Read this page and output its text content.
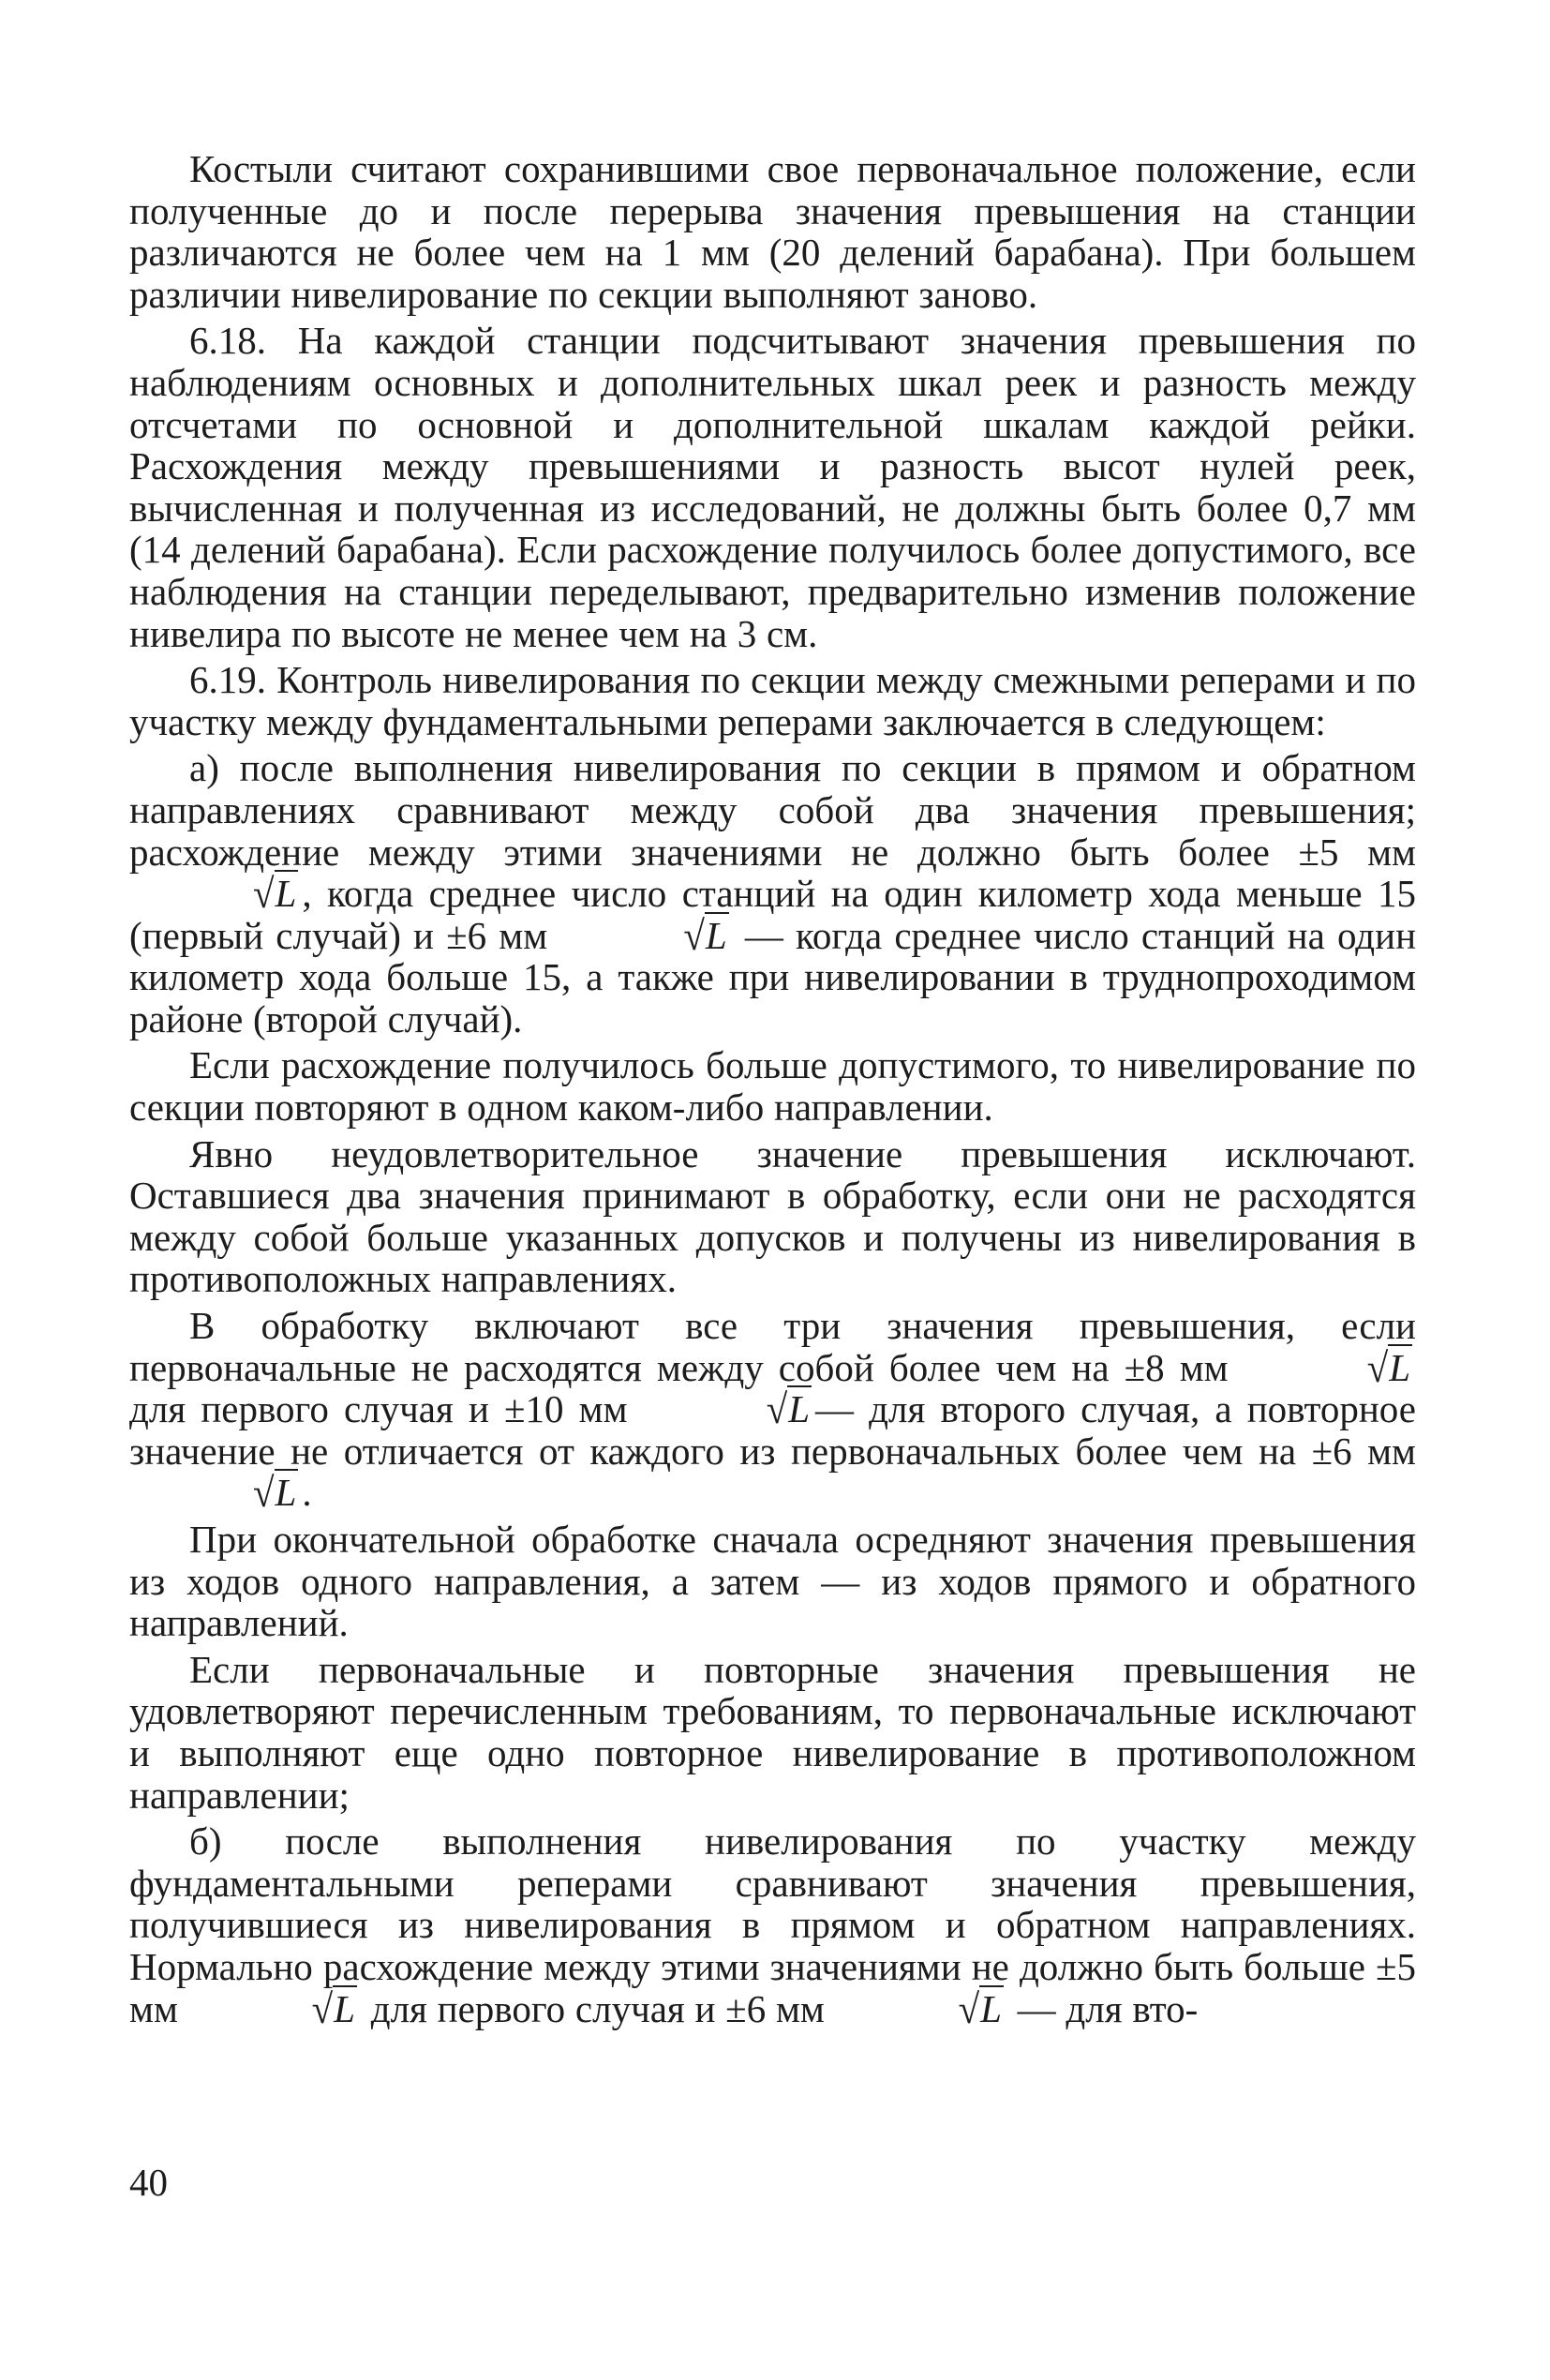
Костыли считают сохранившими свое первоначальное положение, если полученные до и после перерыва значения превышения на станции различаются не более чем на 1 мм (20 делений барабана). При большем различии нивелирование по секции выполняют заново.

6.18. На каждой станции подсчитывают значения превышения по наблюдениям основных и дополнительных шкал реек и разность между отсчетами по основной и дополнительной шкалам каждой рейки. Расхождения между превышениями и разность высот нулей реек, вычисленная и полученная из исследований, не должны быть более 0,7 мм (14 делений барабана). Если расхождение получилось более допустимого, все наблюдения на станции переделывают, предварительно изменив положение нивелира по высоте не менее чем на 3 см.

6.19. Контроль нивелирования по секции между смежными реперами и по участку между фундаментальными реперами заключается в следующем:

а) после выполнения нивелирования по секции в прямом и обратном направлениях сравнивают между собой два значения превышения; расхождение между этими значениями не должно быть более ±5 мм √L , когда среднее число станций на один километр хода меньше 15 (первый случай) и ±6 мм	√L — когда среднее число станций на один километр хода больше 15, а также при нивелировании в труднопроходимом районе (второй случай).

Если расхождение получилось больше допустимого, то нивелирование по секции повторяют в одном каком-либо направлении.

Явно неудовлетворительное значение превышения исключают. Оставшиеся два значения принимают в обработку, если они не расходятся между собой больше указанных допусков и получены из нивелирования в противоположных направлениях.

В обработку включают все три значения превышения, если первоначальные не расходятся между собой более чем на ±8 мм	√L для первого случая и ±10 мм	√L — для второго случая, а повторное значение не отличается от каждого из первоначальных более чем на ±6 мм √L .

При окончательной обработке сначала осредняют значения превышения из ходов одного направления, а затем — из ходов прямого и обратного направлений.

Если первоначальные и повторные значения превышения не удовлетворяют перечисленным требованиям, то первоначальные исключают и выполняют еще одно повторное нивелирование в противоположном направлении;

б) после выполнения нивелирования по участку между фундаментальными реперами сравнивают значения превышения, получившиеся из нивелирования в прямом и обратном направлениях. Нормально расхождение между этими значениями не должно быть больше ±5 мм	√L для первого случая и ±6 мм	√L — для вто-

40
